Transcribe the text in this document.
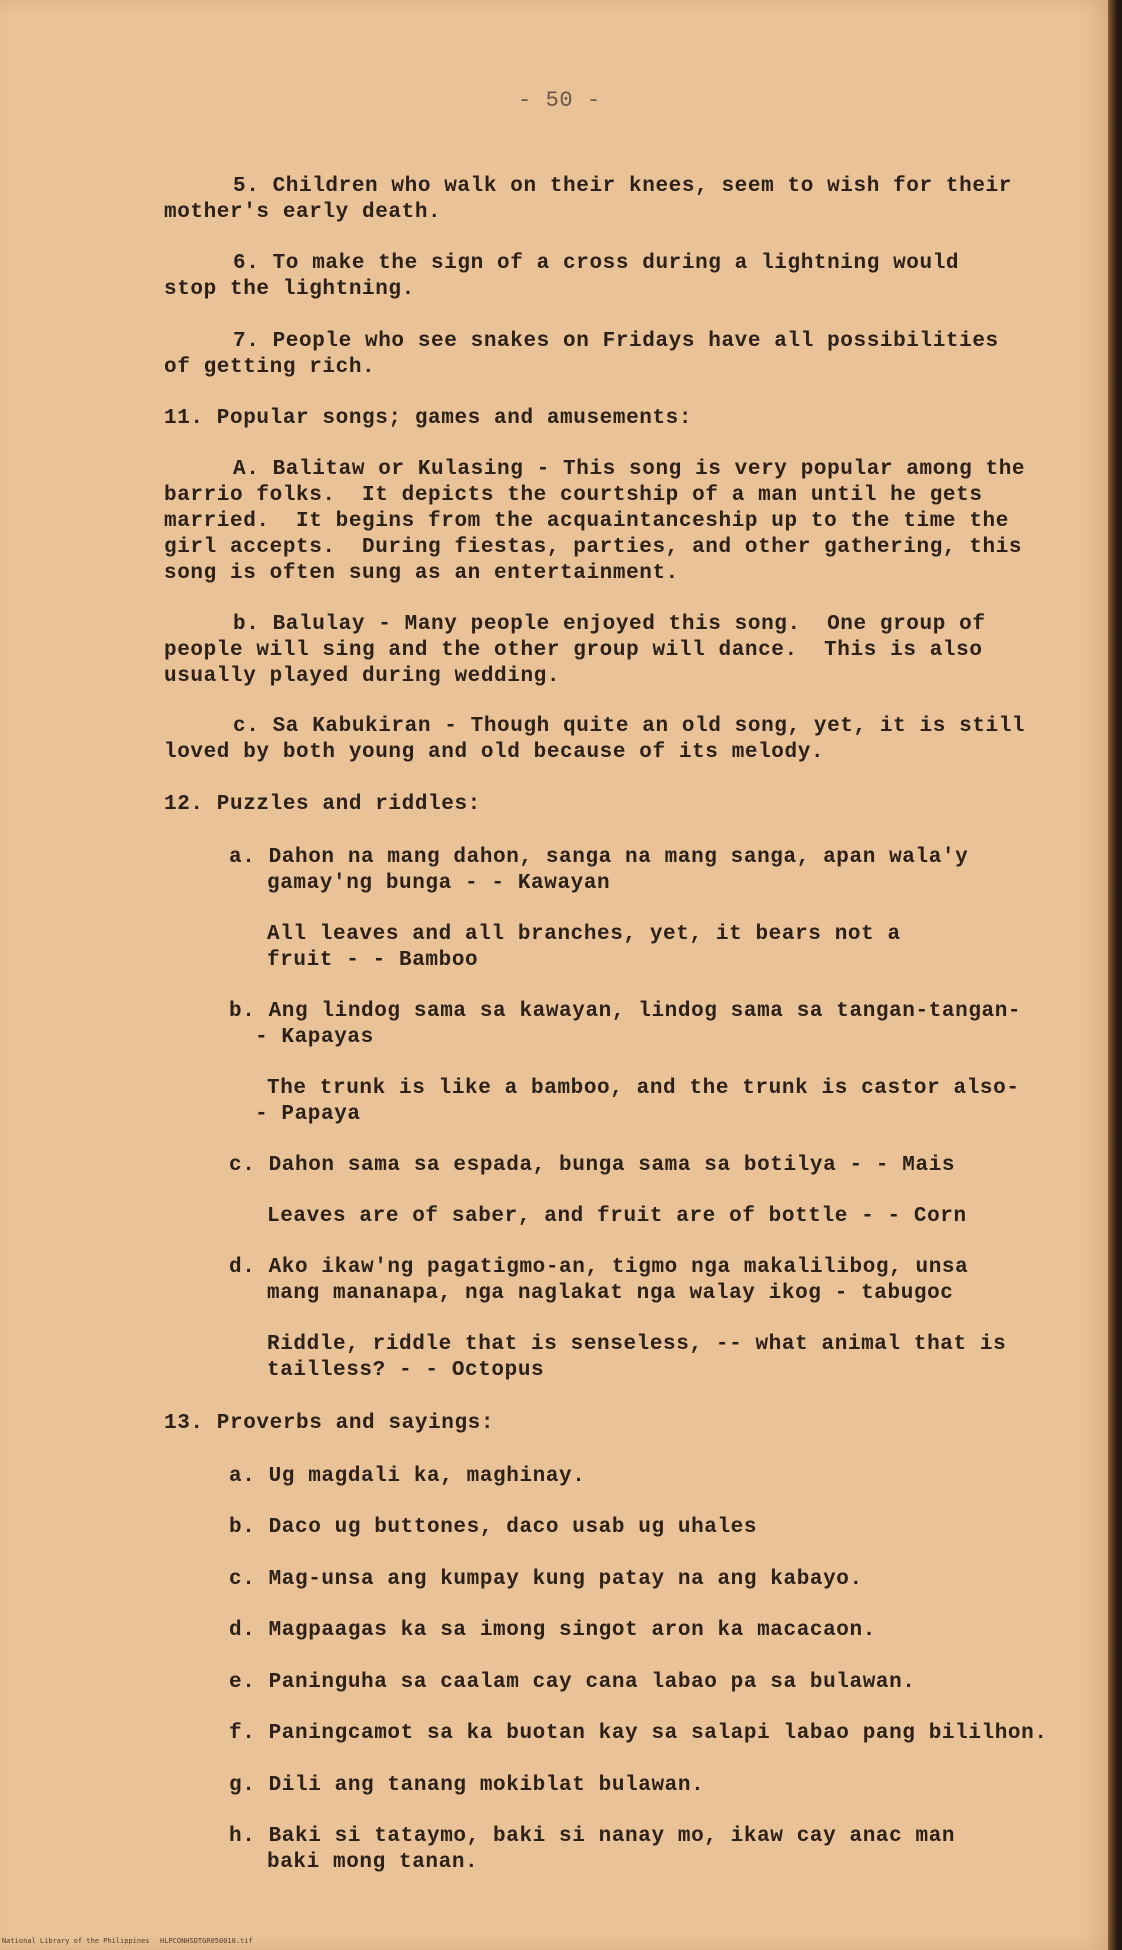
- 50 -
5. Children who walk on their knees, seem to wish for their
mother's early death.
6. To make the sign of a cross during a lightning would
stop the lightning.
7. People who see snakes on Fridays have all possibilities
of getting rich.
11. Popular songs; games and amusements:
A. Balitaw or Kulasing - This song is very popular among the
barrio folks.  It depicts the courtship of a man until he gets
married.  It begins from the acquaintanceship up to the time the
girl accepts.  During fiestas, parties, and other gathering, this
song is often sung as an entertainment.
b. Balulay - Many people enjoyed this song.  One group of
people will sing and the other group will dance.  This is also
usually played during wedding.
c. Sa Kabukiran - Though quite an old song, yet, it is still
loved by both young and old because of its melody.
12. Puzzles and riddles:
a. Dahon na mang dahon, sanga na mang sanga, apan wala'y
gamay'ng bunga - - Kawayan
All leaves and all branches, yet, it bears not a
fruit - - Bamboo
b. Ang lindog sama sa kawayan, lindog sama sa tangan-tangan-
- Kapayas
The trunk is like a bamboo, and the trunk is castor also-
- Papaya
c. Dahon sama sa espada, bunga sama sa botilya - - Mais
Leaves are of saber, and fruit are of bottle - - Corn
d. Ako ikaw'ng pagatigmo-an, tigmo nga makalilibog, unsa
mang mananapa, nga naglakat nga walay ikog - tabugoc
Riddle, riddle that is senseless, -- what animal that is
tailless? - - Octopus
13. Proverbs and sayings:
a. Ug magdali ka, maghinay.
b. Daco ug buttones, daco usab ug uhales
c. Mag-unsa ang kumpay kung patay na ang kabayo.
d. Magpaagas ka sa imong singot aron ka macacaon.
e. Paninguha sa caalam cay cana labao pa sa bulawan.
f. Paningcamot sa ka buotan kay sa salapi labao pang bililhon.
g. Dili ang tanang mokiblat bulawan.
h. Baki si tataymo, baki si nanay mo, ikaw cay anac man
baki mong tanan.
National Library of the Philippines HLPCONHSDTGR050010.tif
